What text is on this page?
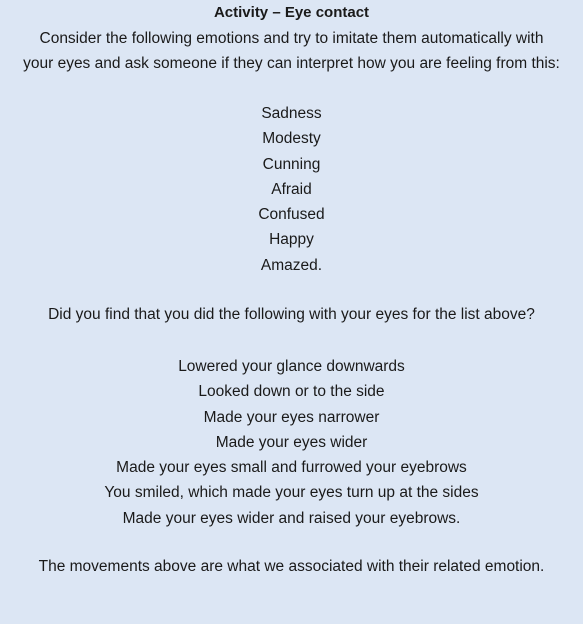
Activity – Eye contact
Consider the following emotions and try to imitate them automatically with
your eyes and ask someone if they can interpret how you are feeling from this:
Sadness
Modesty
Cunning
Afraid
Confused
Happy
Amazed.
Did you find that you did the following with your eyes for the list above?
Lowered your glance downwards
Looked down or to the side
Made your eyes narrower
Made your eyes wider
Made your eyes small and furrowed your eyebrows
You smiled, which made your eyes turn up at the sides
Made your eyes wider and raised your eyebrows.
The movements above are what we associated with their related emotion.
